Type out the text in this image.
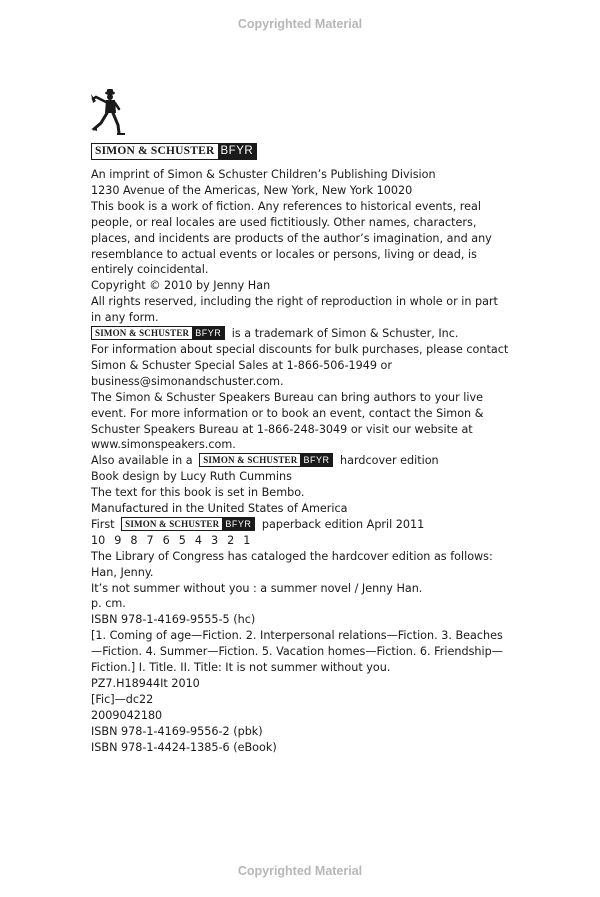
Copyrighted Material
SIMON & SCHUSTER BFYR

An imprint of Simon & Schuster Children’s Publishing Division

1230 Avenue of the Americas, New York, New York 10020

This book is a work of fiction. Any references to historical events, real people, or real locales are used fictitiously. Other names, characters, places, and incidents are products of the author’s imagination, and any resemblance to actual events or locales or persons, living or dead, is entirely coincidental.

Copyright © 2010 by Jenny Han

All rights reserved, including the right of reproduction in whole or in part in any form.

SIMON & SCHUSTER BFYR is a trademark of Simon & Schuster, Inc.

For information about special discounts for bulk purchases, please contact Simon & Schuster Special Sales at 1-866-506-1949 or business@simonandschuster.com.

The Simon & Schuster Speakers Bureau can bring authors to your live event. For more information or to book an event, contact the Simon & Schuster Speakers Bureau at 1-866-248-3049 or visit our website at www.simonspeakers.com.

Also available in a	SIMON & SCHUSTER BFYR hardcover edition

Book design by Lucy Ruth Cummins

The text for this book is set in Bembo.

Manufactured in the United States of America

First	SIMON & SCHUSTER BFYR paperback edition April 2011

10 9 8 7 6 5 4 3 2 1

The Library of Congress has cataloged the hardcover edition as follows:

Han, Jenny.

It’s not summer without you : a summer novel / Jenny Han.

p. cm.

ISBN 978-1-4169-9555-5 (hc)

[1. Coming of age—Fiction. 2. Interpersonal relations—Fiction. 3. Beaches—Fiction. 4. Summer—Fiction. 5. Vacation homes—Fiction. 6. Friendship—Fiction.] I. Title. II. Title: It is not summer without you.

PZ7.H18944It 2010

[Fic]—dc22

2009042180

ISBN 978-1-4169-9556-2 (pbk)

ISBN 978-1-4424-1385-6 (eBook)

Copyrighted Material
